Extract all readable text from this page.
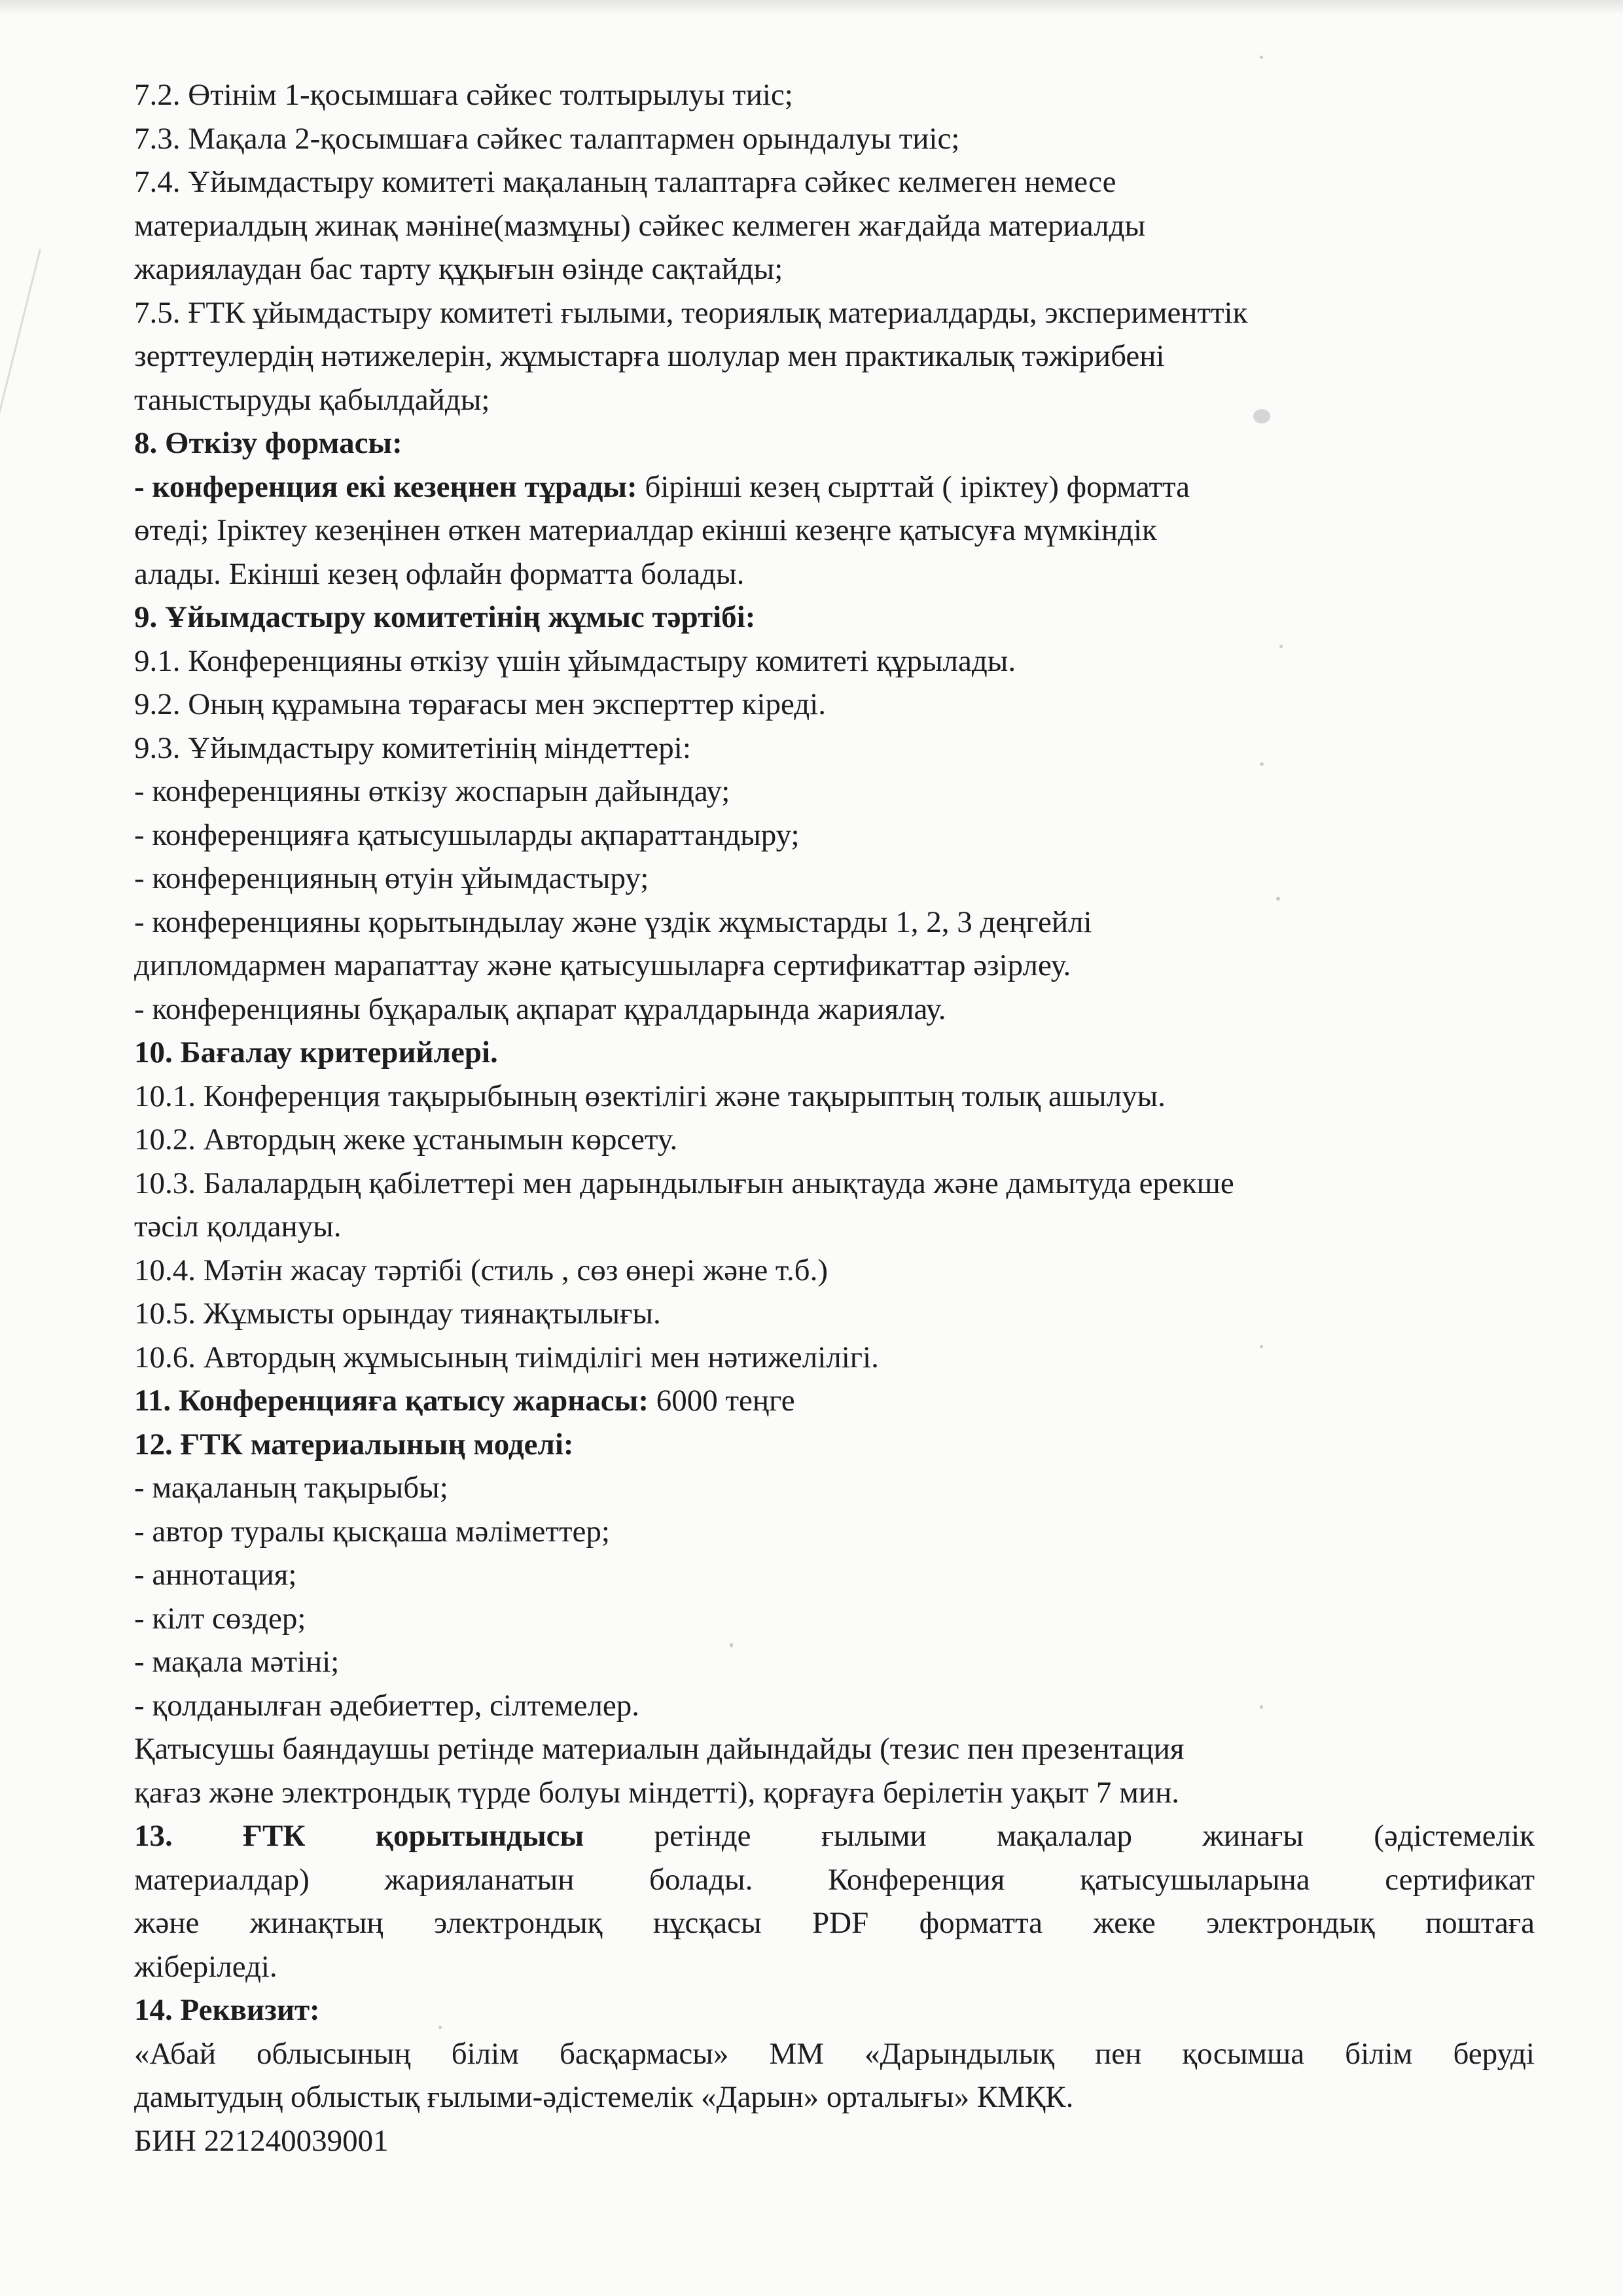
7.2. Өтінім 1-қосымшаға сәйкес толтырылуы тиіс;
7.3. Мақала 2-қосымшаға сәйкес талаптармен орындалуы тиіс;
7.4. Ұйымдастыру комитеті мақаланың талаптарға сәйкес келмеген немесе
материалдың жинақ мәніне(мазмұны) сәйкес келмеген жағдайда материалды
жариялаудан бас тарту құқығын өзінде сақтайды;
7.5. ҒТК ұйымдастыру комитеті ғылыми, теориялық материалдарды, эксперименттік
зерттеулердің нәтижелерін, жұмыстарға шолулар мен практикалық тәжірибені
таныстыруды қабылдайды;
8. Өткізу формасы:
- конференция екі кезеңнен тұрады: бірінші кезең сырттай ( іріктеу) форматта
өтеді; Іріктеу кезеңінен өткен материалдар екінші кезеңге қатысуға мүмкіндік
алады. Екінші кезең офлайн форматта болады.
9. Ұйымдастыру комитетінің жұмыс тәртібі:
9.1. Конференцияны өткізу үшін ұйымдастыру комитеті құрылады.
9.2. Оның құрамына төрағасы мен эксперттер кіреді.
9.3. Ұйымдастыру комитетінің міндеттері:
- конференцияны өткізу жоспарын дайындау;
- конференцияға қатысушыларды ақпараттандыру;
- конференцияның өтуін ұйымдастыру;
- конференцияны қорытындылау және үздік жұмыстарды 1, 2, 3 деңгейлі
дипломдармен марапаттау және қатысушыларға сертификаттар әзірлеу.
- конференцияны бұқаралық ақпарат құралдарында жариялау.
10. Бағалау критерийлері.
10.1. Конференция тақырыбының өзектілігі және тақырыптың толық ашылуы.
10.2. Автордың жеке ұстанымын көрсету.
10.3. Балалардың қабілеттері мен дарындылығын анықтауда және дамытуда ерекше
тәсіл қолдануы.
10.4. Мәтін жасау тәртібі (стиль , сөз өнері және т.б.)
10.5. Жұмысты орындау тиянақтылығы.
10.6. Автордың жұмысының тиімділігі мен нәтижелілігі.
11. Конференцияға қатысу жарнасы: 6000 теңге
12. ҒТК материалының моделі:
- мақаланың тақырыбы;
- автор туралы қысқаша мәліметтер;
- аннотация;
- кілт сөздер;
- мақала мәтіні;
- қолданылған әдебиеттер, сілтемелер.
Қатысушы баяндаушы ретінде материалын дайындайды (тезис пен презентация
қағаз және электрондық түрде болуы міндетті), қорғауға берілетін уақыт 7 мин.
13. ҒТК қорытындысы ретінде ғылыми мақалалар жинағы (әдістемелік
материалдар) жарияланатын болады. Конференция қатысушыларына сертификат
және жинақтың электрондық нұсқасы PDF форматта жеке электрондық поштаға
жіберіледі.
14. Реквизит:
«Абай облысының білім басқармасы» ММ «Дарындылық пен қосымша білім беруді
дамытудың облыстық ғылыми-әдістемелік «Дарын» орталығы» КМҚК.
БИН 221240039001
